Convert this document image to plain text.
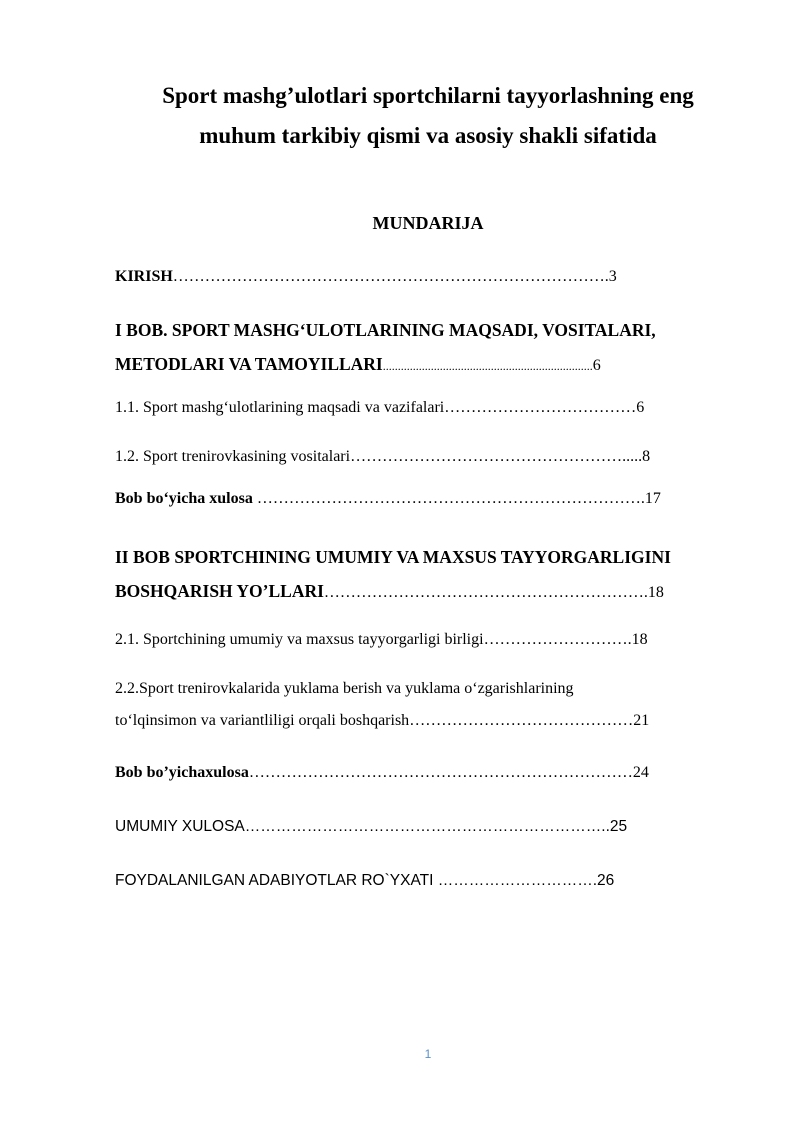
Sport mashg’ulotlari sportchilarni tayyorlashning eng
muhum tarkibiy qismi va asosiy shakli sifatida
MUNDARIJA
KIRISH……………………………………………………………………….3
I BOB. SPORT MASHG‘ULOTLARINING MAQSADI, VOSITALARI,
METODLARI VA TAMOYILLARI......................................................................6
1.1. Sport mashg‘ulotlarining maqsadi va vazifalari………………………………6
1.2. Sport trenirovkasining vositalari…………………………………………….....8
Bob bo‘yicha xulosa ……………………………………………………………….17
II BOB SPORTCHINING UMUMIY VA MAXSUS TAYYORGARLIGINI
BOSHQARISH YO’LLARI…………………………………………………….18
2.1. Sportchining umumiy va maxsus tayyorgarligi birligi……………………….18
2.2.Sport trenirovkalarida yuklama berish va yuklama o‘zgarishlarining
to‘lqinsimon va variantliligi orqali boshqarish……………………………………21
Bob bo’yichaxulosa………………………………………………………………24
UMUMIY XULOSA……………………………………………………………..25
FOYDALANILGAN ADABIYOTLAR RO`YXATI ………………………….26
1
